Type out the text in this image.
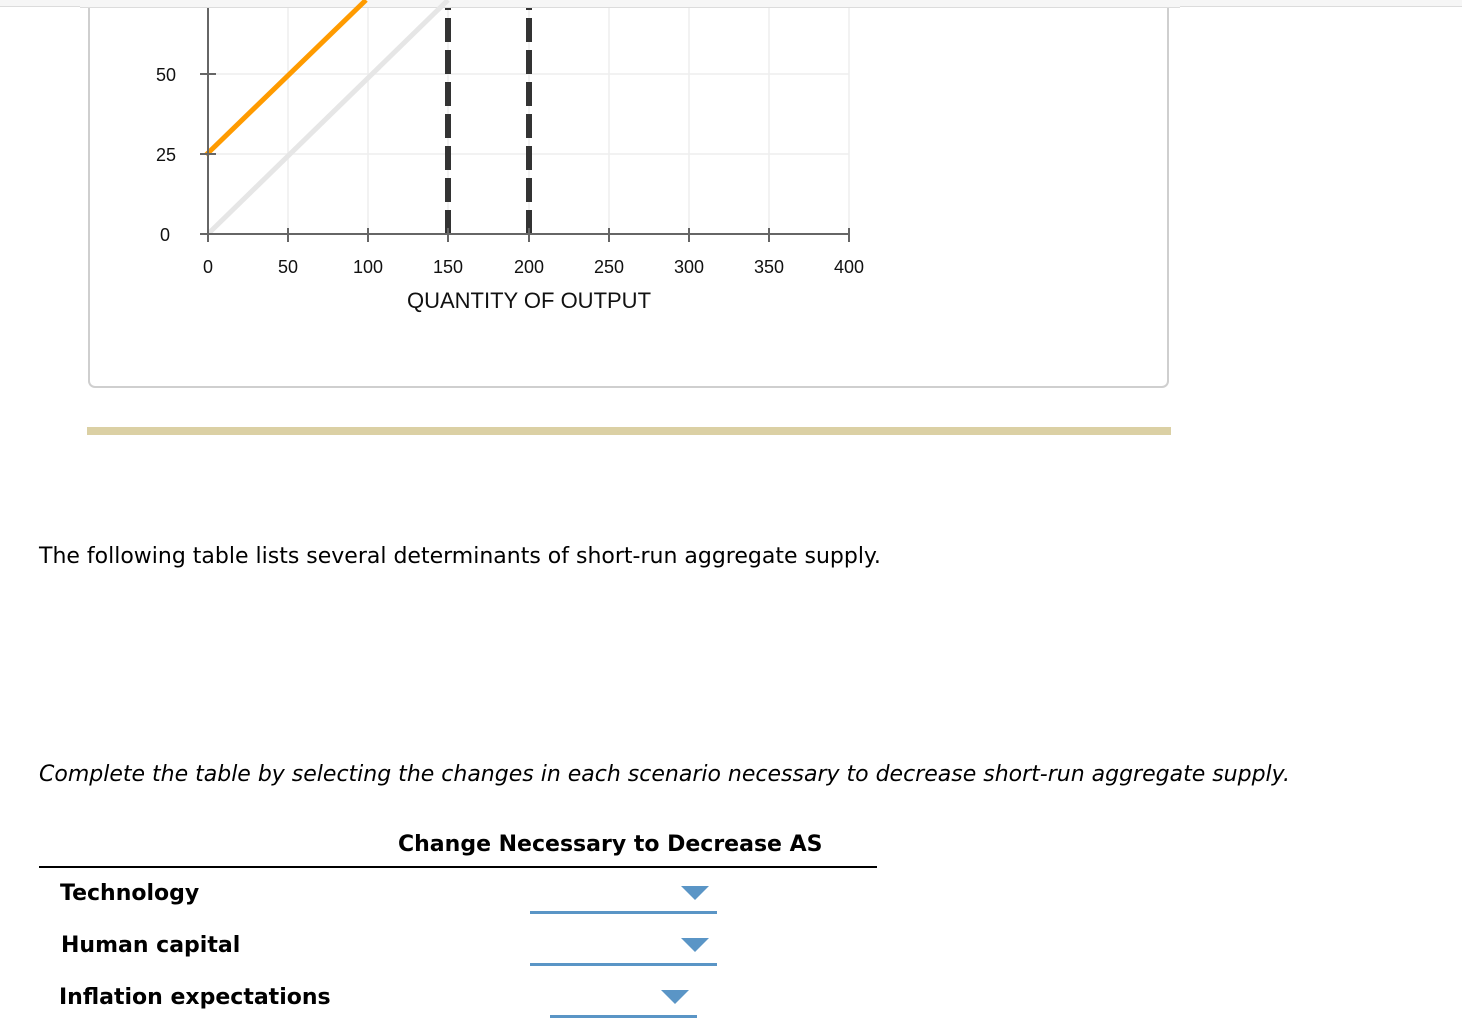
50
25
0
0	50	100	150	200	250	300	350	400
QUANTITY OF OUTPUT
The following table lists several determinants of short-run aggregate supply.
Complete the table by selecting the changes in each scenario necessary to decrease short-run aggregate supply.
Change Necessary to Decrease AS
Technology
Human capital
Inflation expectations
